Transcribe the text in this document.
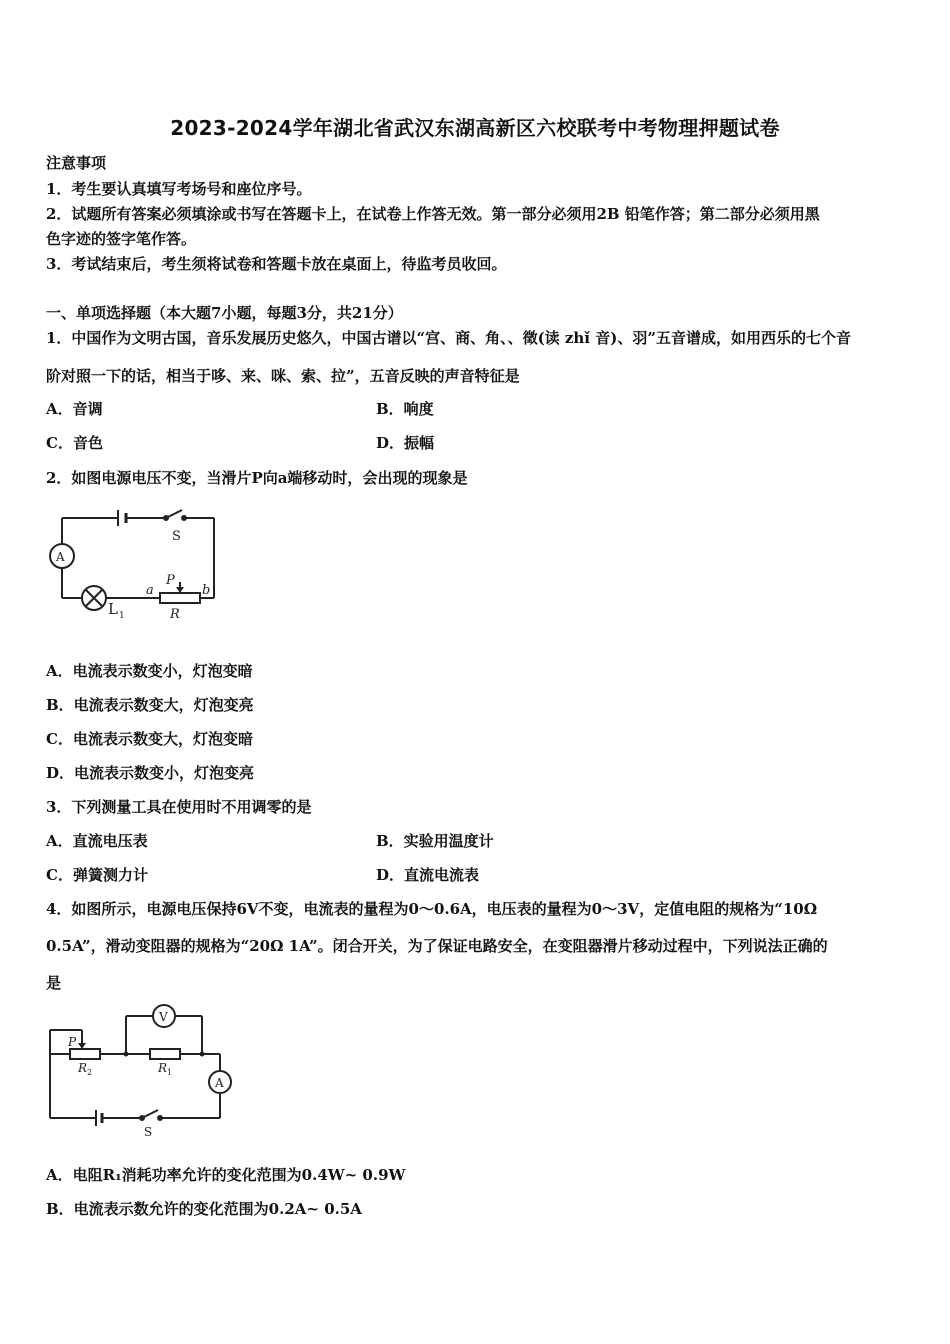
2023-2024学年湖北省武汉东湖高新区六校联考中考物理押题试卷
注意事项
1．考生要认真填写考场号和座位序号。
2．试题所有答案必须填涂或书写在答题卡上，在试卷上作答无效。第一部分必须用2B 铅笔作答；第二部分必须用黑
色字迹的签字笔作答。
3．考试结束后，考生须将试卷和答题卡放在桌面上，待监考员收回。
一、单项选择题（本大题7小题，每题3分，共21分）
1．中国作为文明古国，音乐发展历史悠久，中国古谱以“宫、商、角、、徵(读 zhǐ 音)、羽”五音谱成，如用西乐的七个音
阶对照一下的话，相当于哆、来、咪、索、拉”，五音反映的声音特征是
A．音调	B．响度
C．音色	D．振幅
2．如图电源电压不变，当滑片P向a端移动时，会出现的现象是
S
A
L 1
a
P
b
R
A．电流表示数变小，灯泡变暗
B．电流表示数变大，灯泡变亮
C．电流表示数变大，灯泡变暗
D．电流表示数变小，灯泡变亮
3．下列测量工具在使用时不用调零的是
A．直流电压表	B．实验用温度计
C．弹簧测力计	D．直流电流表
4．如图所示，电源电压保持6V不变，电流表的量程为0～0.6A，电压表的量程为0～3V，定值电阻的规格为“10Ω
0.5A”，滑动变阻器的规格为“20Ω 1A”。闭合开关，为了保证电路安全，在变阻器滑片移动过程中，下列说法正确的
是
V
P
R 2	R 1
A
S
A．电阻R₁消耗功率允许的变化范围为0.4W~ 0.9W
B．电流表示数允许的变化范围为0.2A~ 0.5A
